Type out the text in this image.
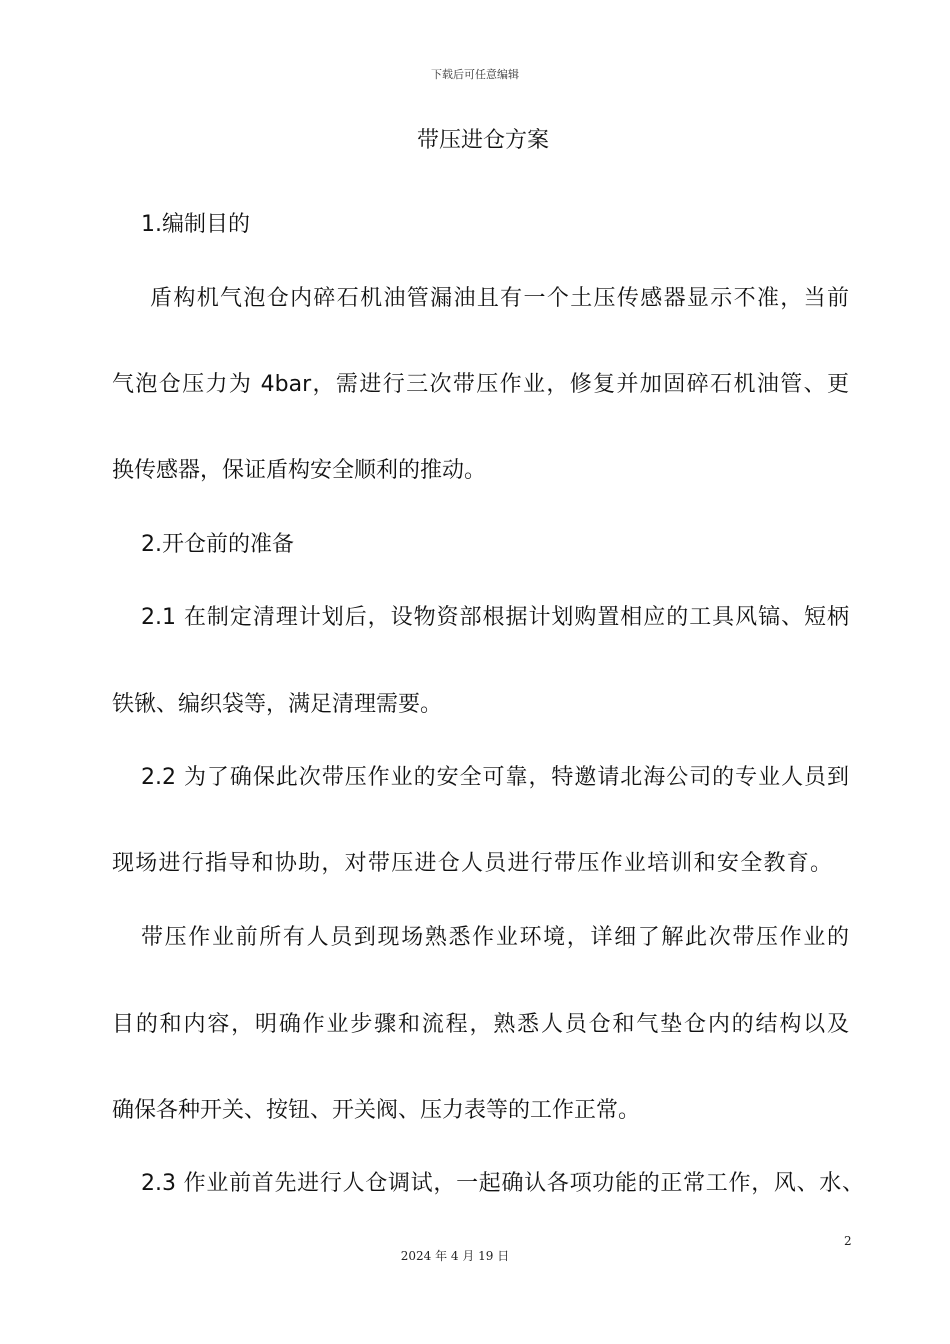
下载后可任意编辑
带压进仓方案
1.编制目的
盾构机气泡仓内碎石机油管漏油且有一个土压传感器显示不准，当前
气泡仓压力为 4bar，需进行三次带压作业，修复并加固碎石机油管、更
换传感器，保证盾构安全顺利的推动。
2.开仓前的准备
2.1 在制定清理计划后，设物资部根据计划购置相应的工具风镐、短柄
铁锹、编织袋等，满足清理需要。
2.2 为了确保此次带压作业的安全可靠，特邀请北海公司的专业人员到
现场进行指导和协助，对带压进仓人员进行带压作业培训和安全教育。
带压作业前所有人员到现场熟悉作业环境，详细了解此次带压作业的
目的和内容，明确作业步骤和流程，熟悉人员仓和气垫仓内的结构以及
确保各种开关、按钮、开关阀、压力表等的工作正常。
2.3 作业前首先进行人仓调试，一起确认各项功能的正常工作，风、水、
2
2024 年 4 月 19 日
